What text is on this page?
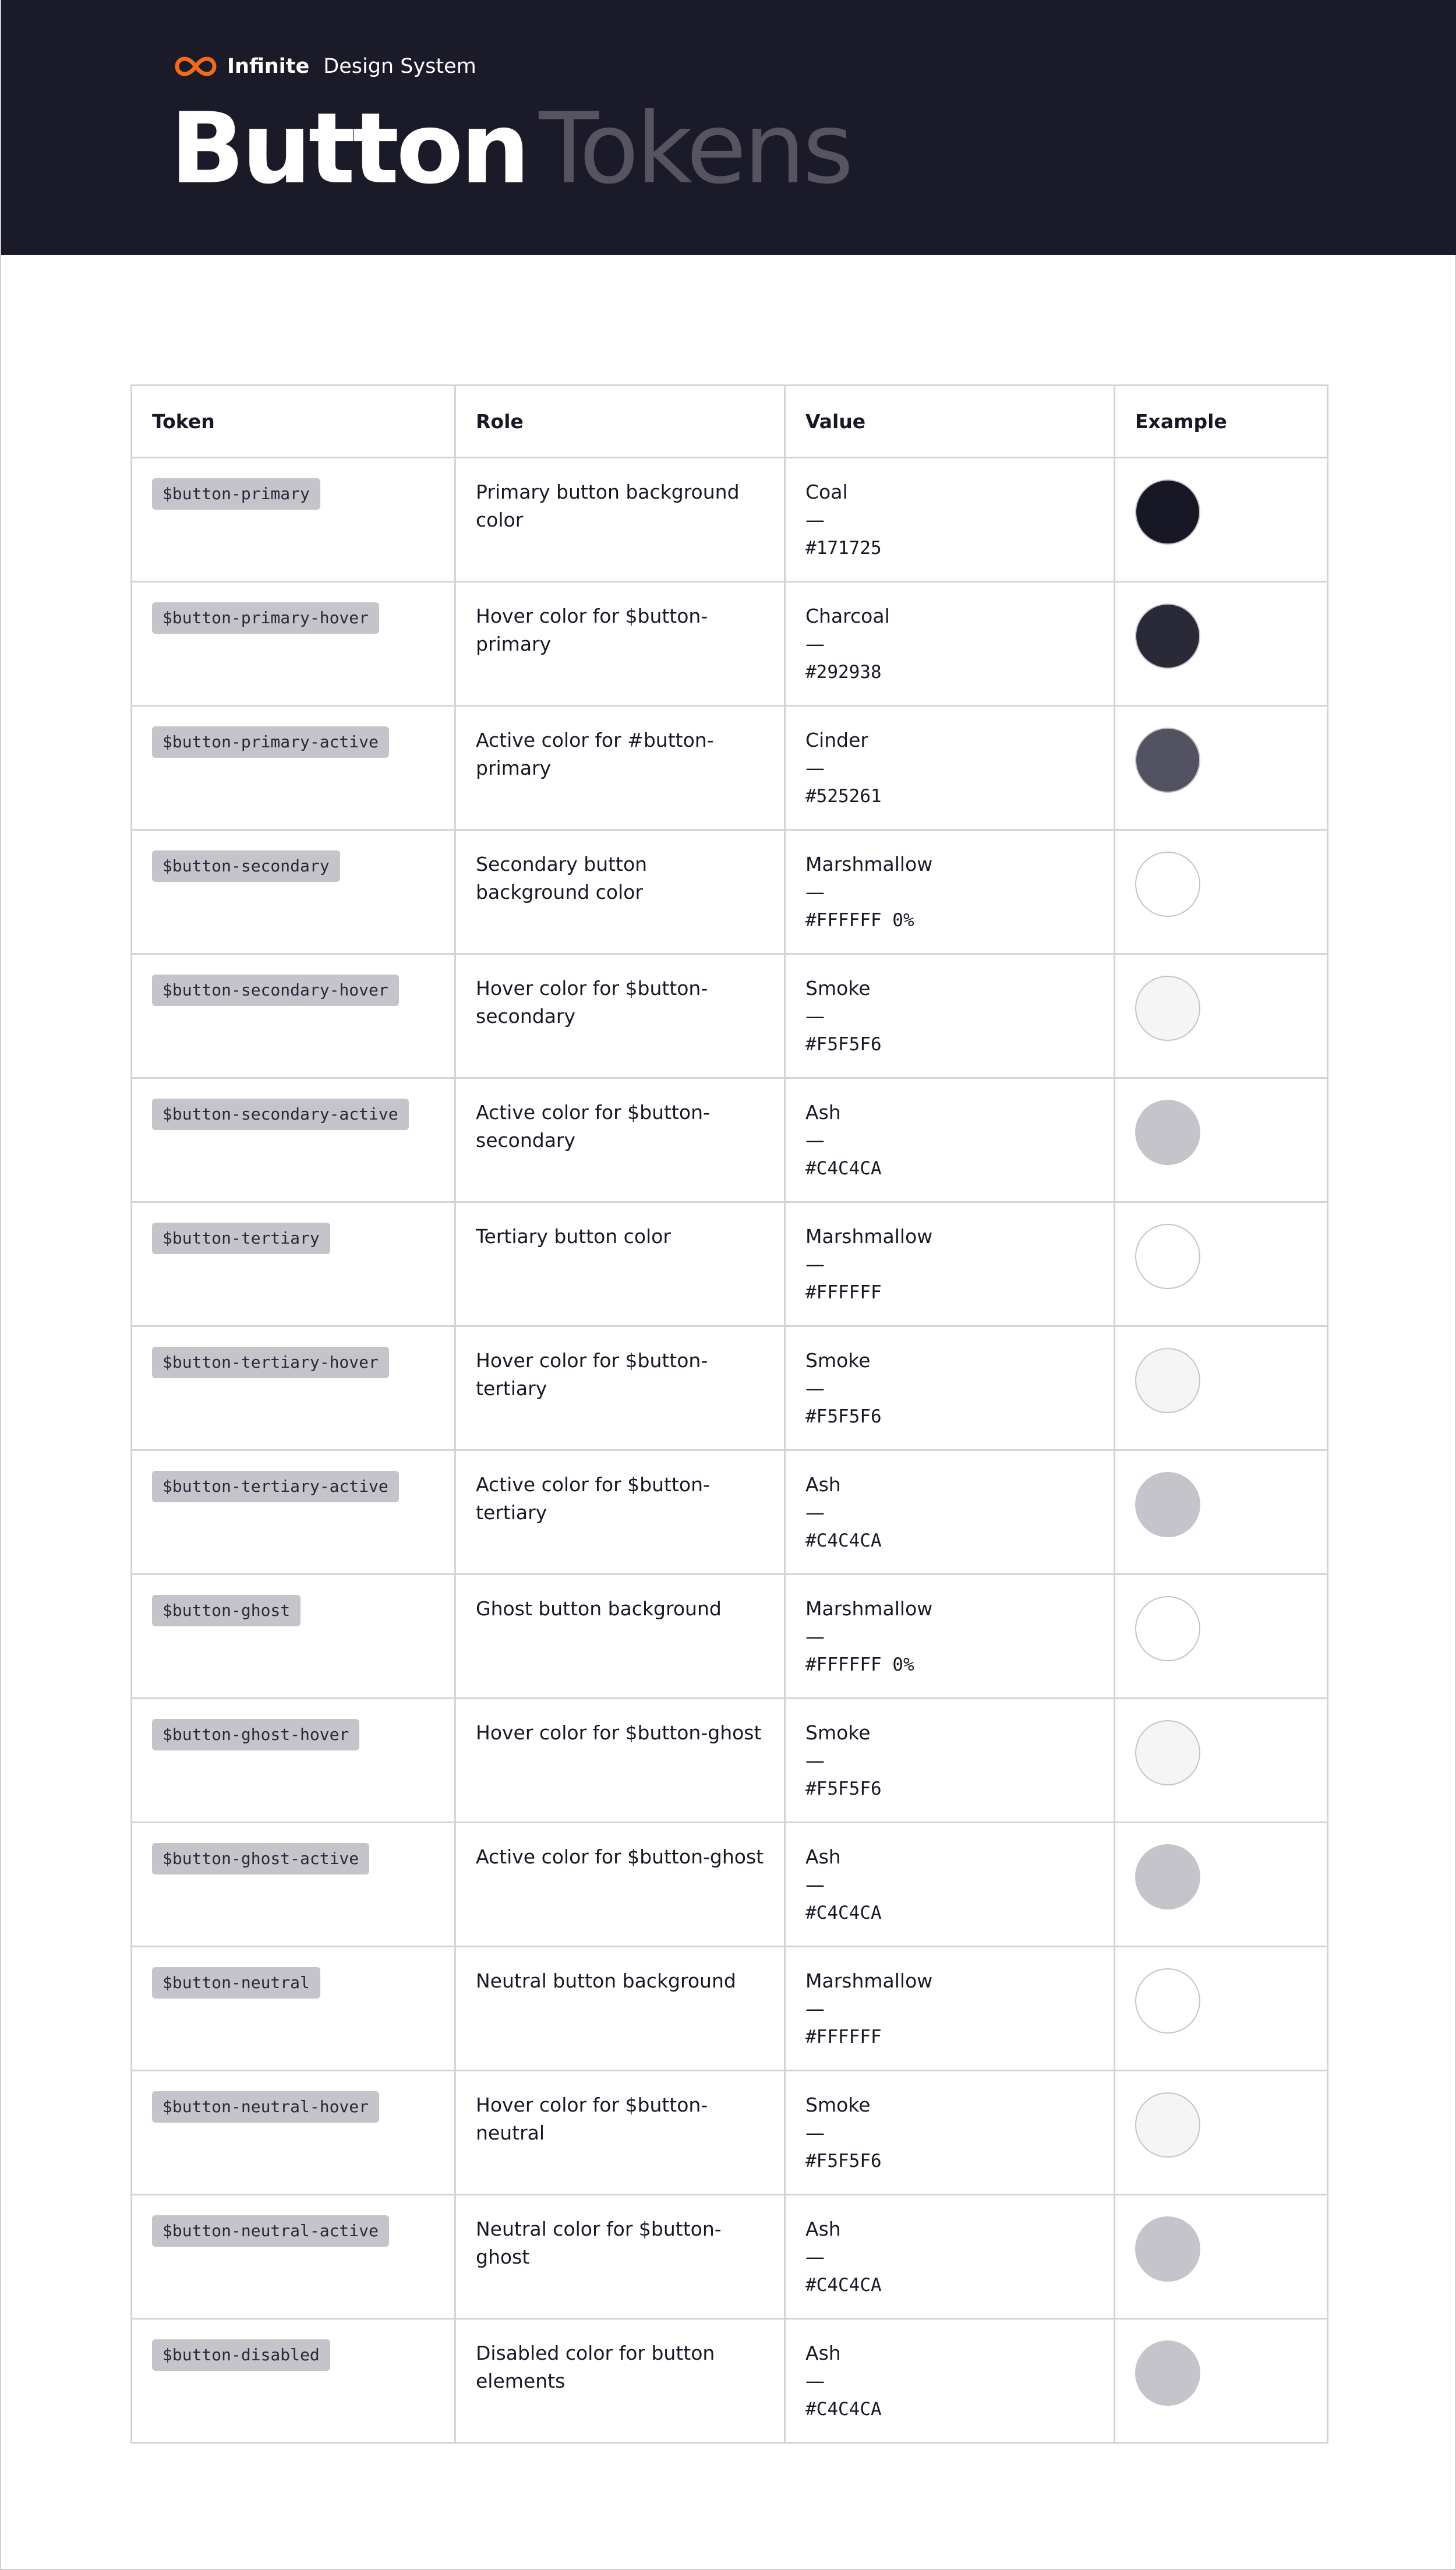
Infinite Design System
Button Tokens
Token	Role	Value	Example
$button-primary	Primary button background color	Coal
—
#171725	

$button-primary-hover	Hover color for $button-primary	Charcoal
—
#292938	

$button-primary-active	Active color for #button-primary	Cinder
—
#525261	

$button-secondary	Secondary button background color	Marshmallow
—
#FFFFFF 0%	

$button-secondary-hover	Hover color for $button-secondary	Smoke
—
#F5F5F6	

$button-secondary-active	Active color for $button-secondary	Ash
—
#C4C4CA	

$button-tertiary	Tertiary button color	Marshmallow
—
#FFFFFF	

$button-tertiary-hover	Hover color for $button-tertiary	Smoke
—
#F5F5F6	

$button-tertiary-active	Active color for $button-tertiary	Ash
—
#C4C4CA	

$button-ghost	Ghost button background	Marshmallow
—
#FFFFFF 0%	

$button-ghost-hover	Hover color for $button-ghost	Smoke
—
#F5F5F6	

$button-ghost-active	Active color for $button-ghost	Ash
—
#C4C4CA	

$button-neutral	Neutral button background	Marshmallow
—
#FFFFFF	

$button-neutral-hover	Hover color for $button-neutral	Smoke
—
#F5F5F6	

$button-neutral-active	Neutral color for $button-ghost	Ash
—
#C4C4CA	

$button-disabled	Disabled color for button elements	Ash
—
#C4C4CA	
